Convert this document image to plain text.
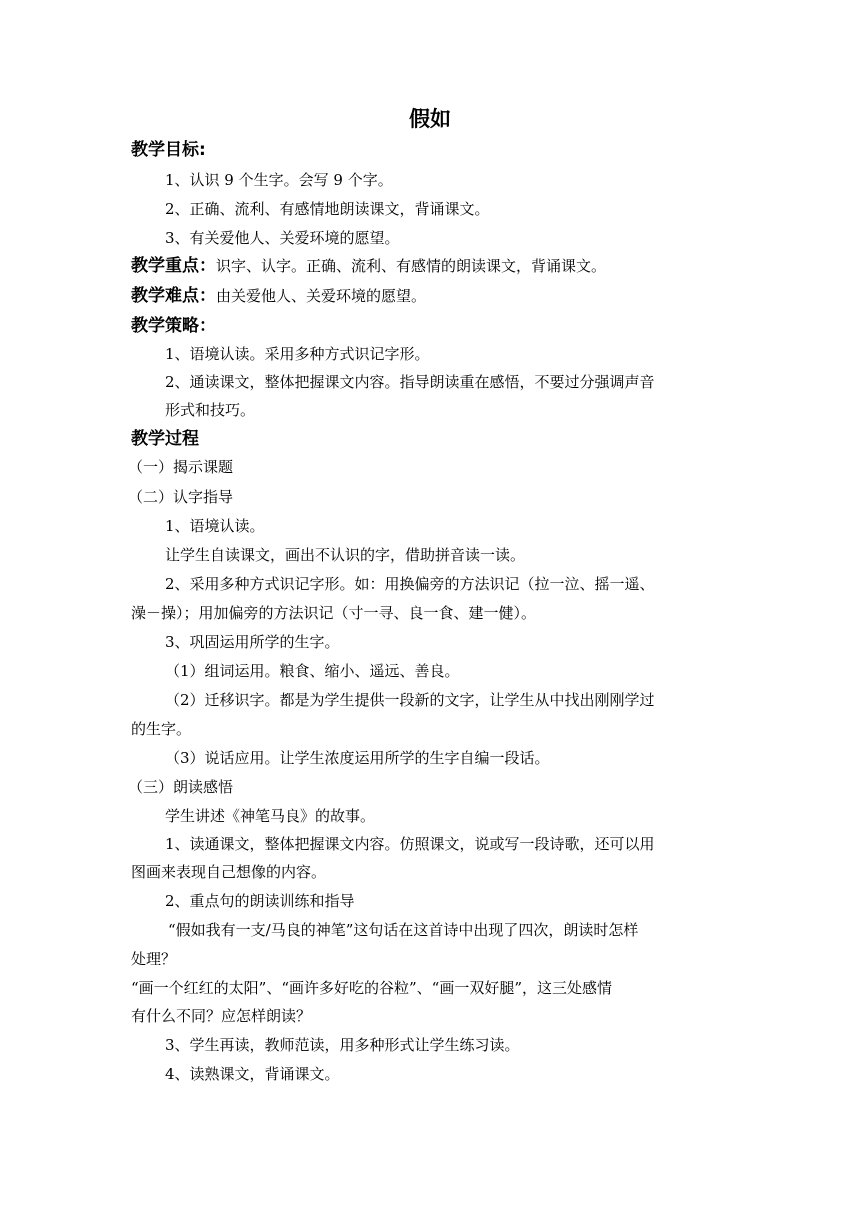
假如
教学目标:
1、认识 9 个生字。会写 9 个字。
2、正确、流利、有感情地朗读课文，背诵课文。
3、有关爱他人、关爱环境的愿望。
教学重点：识字、认字。正确、流利、有感情的朗读课文，背诵课文。
教学难点：由关爱他人、关爱环境的愿望。
教学策略：
1、语境认读。采用多种方式识记字形。
2、通读课文，整体把握课文内容。指导朗读重在感悟，不要过分强调声音
形式和技巧。
教学过程
（一）揭示课题
（二）认字指导
1、语境认读。
让学生自读课文，画出不认识的字，借助拼音读一读。
2、采用多种方式识记字形。如：用换偏旁的方法识记（拉一泣、摇一遥、
澡－操）；用加偏旁的方法识记（寸一寻、良一食、建一健）。
3、巩固运用所学的生字。
（1）组词运用。粮食、缩小、遥远、善良。
（2）迁移识字。都是为学生提供一段新的文字，让学生从中找出刚刚学过
的生字。
（3）说话应用。让学生浓度运用所学的生字自编一段话。
（三）朗读感悟
学生讲述《神笔马良》的故事。
1、读通课文，整体把握课文内容。仿照课文，说或写一段诗歌，还可以用
图画来表现自己想像的内容。
2、重点句的朗读训练和指导
“假如我有一支/马良的神笔”这句话在这首诗中出现了四次，朗读时怎样
处理？
“画一个红红的太阳”、“画许多好吃的谷粒”、“画一双好腿”，这三处感情
有什么不同？应怎样朗读？
3、学生再读，教师范读，用多种形式让学生练习读。
4、读熟课文，背诵课文。
